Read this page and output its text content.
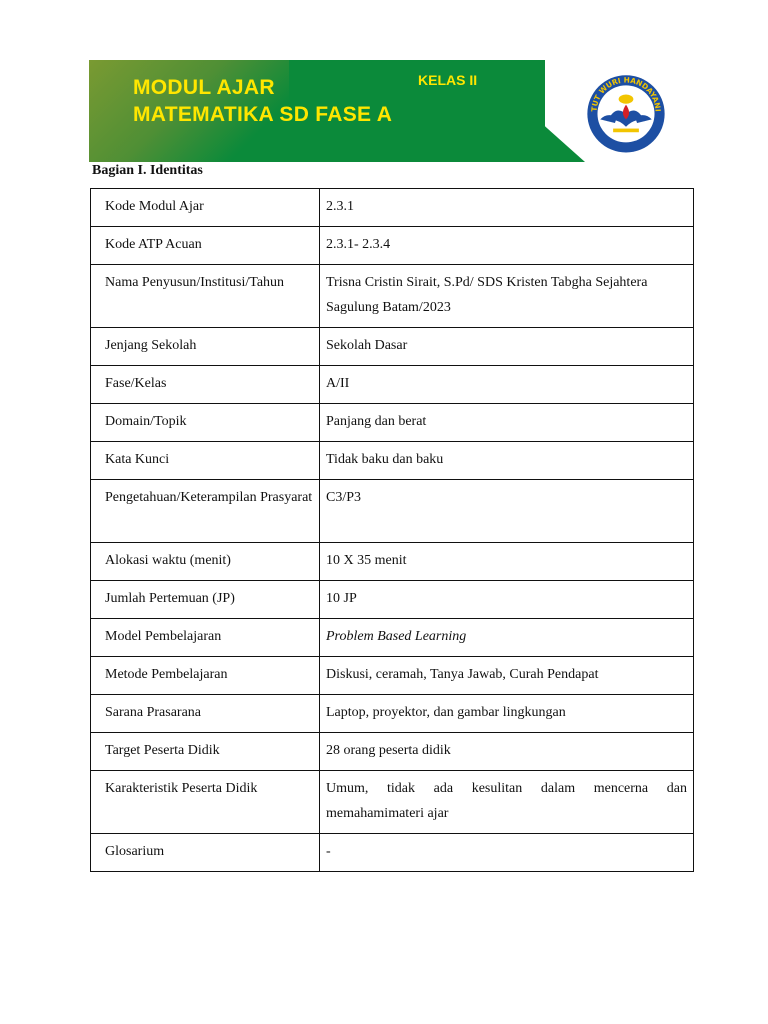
MODUL AJAR
MATEMATIKA SD FASE A
KELAS II
TUT WURI HANDAYANI
Bagian I. Identitas
Kode Modul Ajar	2.3.1
Kode ATP Acuan	2.3.1- 2.3.4
Nama Penyusun/Institusi/Tahun	Trisna Cristin Sirait, S.Pd/ SDS Kristen Tabgha Sejahtera Sagulung Batam/2023
Jenjang Sekolah	Sekolah Dasar
Fase/Kelas	A/II
Domain/Topik	Panjang dan berat
Kata Kunci	Tidak baku dan baku
Pengetahuan/Keterampilan Prasyarat	C3/P3
Alokasi waktu (menit)	10 X 35 menit
Jumlah Pertemuan (JP)	10 JP
Model Pembelajaran	Problem Based Learning
Metode Pembelajaran	Diskusi, ceramah, Tanya Jawab, Curah Pendapat
Sarana Prasarana	Laptop, proyektor, dan gambar lingkungan
Target Peserta Didik	28 orang peserta didik
Karakteristik Peserta Didik	Umum, tidak ada kesulitan dalam mencerna dan memahamimateri ajar
Glosarium	-
